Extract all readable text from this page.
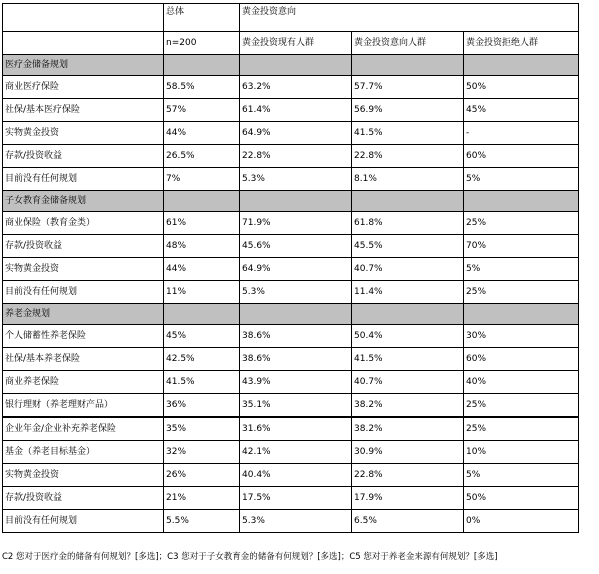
	总体	黄金投资意向		
	n=200	黄金投资现有人群	黄金投资意向人群	黄金投资拒绝人群
医疗金储备规划				
商业医疗保险	58.5%	63.2%	57.7%	50%
社保/基本医疗保险	57%	61.4%	56.9%	45%
实物黄金投资	44%	64.9%	41.5%	-
存款/投资收益	26.5%	22.8%	22.8%	60%
目前没有任何规划	7%	5.3%	8.1%	5%
子女教育金储备规划				
商业保险（教育金类）	61%	71.9%	61.8%	25%
存款/投资收益	48%	45.6%	45.5%	70%
实物黄金投资	44%	64.9%	40.7%	5%
目前没有任何规划	11%	5.3%	11.4%	25%
养老金规划				
个人储蓄性养老保险	45%	38.6%	50.4%	30%
社保/基本养老保险	42.5%	38.6%	41.5%	60%
商业养老保险	41.5%	43.9%	40.7%	40%
银行理财（养老理财产品）	36%	35.1%	38.2%	25%
企业年金/企业补充养老保险	35%	31.6%	38.2%	25%
基金（养老目标基金）	32%	42.1%	30.9%	10%
实物黄金投资	26%	40.4%	22.8%	5%
存款/投资收益	21%	17.5%	17.9%	50%
目前没有任何规划	5.5%	5.3%	6.5%	0%
C2 您对于医疗金的储备有何规划？[多选]；C3 您对于子女教育金的储备有何规划？[多选]；C5 您对于养老金来源有何规划？[多选]
